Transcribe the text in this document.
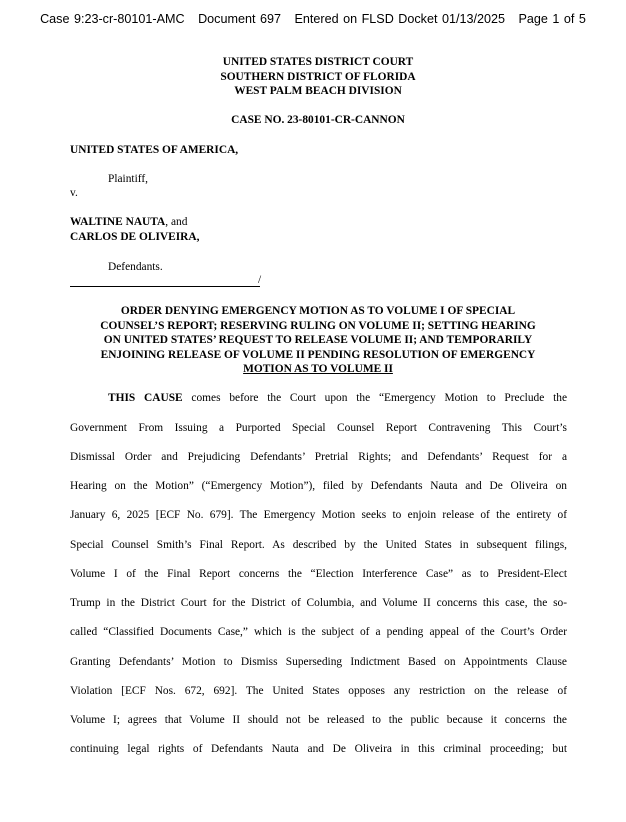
Case 9:23-cr-80101-AMC Document 697 Entered on FLSD Docket 01/13/2025 Page 1 of 5
UNITED STATES DISTRICT COURT
SOUTHERN DISTRICT OF FLORIDA
WEST PALM BEACH DIVISION
CASE NO. 23-80101-CR-CANNON
UNITED STATES OF AMERICA,
Plaintiff,
v.
WALTINE NAUTA, and
CARLOS DE OLIVEIRA,
Defendants.
/
ORDER DENYING EMERGENCY MOTION AS TO VOLUME I OF SPECIAL
COUNSEL’S REPORT; RESERVING RULING ON VOLUME II; SETTING HEARING
ON UNITED STATES’ REQUEST TO RELEASE VOLUME II; AND TEMPORARILY
ENJOINING RELEASE OF VOLUME II PENDING RESOLUTION OF EMERGENCY
MOTION AS TO VOLUME II
THIS CAUSE comes before the Court upon the “Emergency Motion to Preclude the
Government From Issuing a Purported Special Counsel Report Contravening This Court’s
Dismissal Order and Prejudicing Defendants’ Pretrial Rights; and Defendants’ Request for a
Hearing on the Motion” (“Emergency Motion”), filed by Defendants Nauta and De Oliveira on
January 6, 2025 [ECF No. 679]. The Emergency Motion seeks to enjoin release of the entirety of
Special Counsel Smith’s Final Report. As described by the United States in subsequent filings,
Volume I of the Final Report concerns the “Election Interference Case” as to President-Elect
Trump in the District Court for the District of Columbia, and Volume II concerns this case, the so-
called “Classified Documents Case,” which is the subject of a pending appeal of the Court’s Order
Granting Defendants’ Motion to Dismiss Superseding Indictment Based on Appointments Clause
Violation [ECF Nos. 672, 692]. The United States opposes any restriction on the release of
Volume I; agrees that Volume II should not be released to the public because it concerns the
continuing legal rights of Defendants Nauta and De Oliveira in this criminal proceeding; but
